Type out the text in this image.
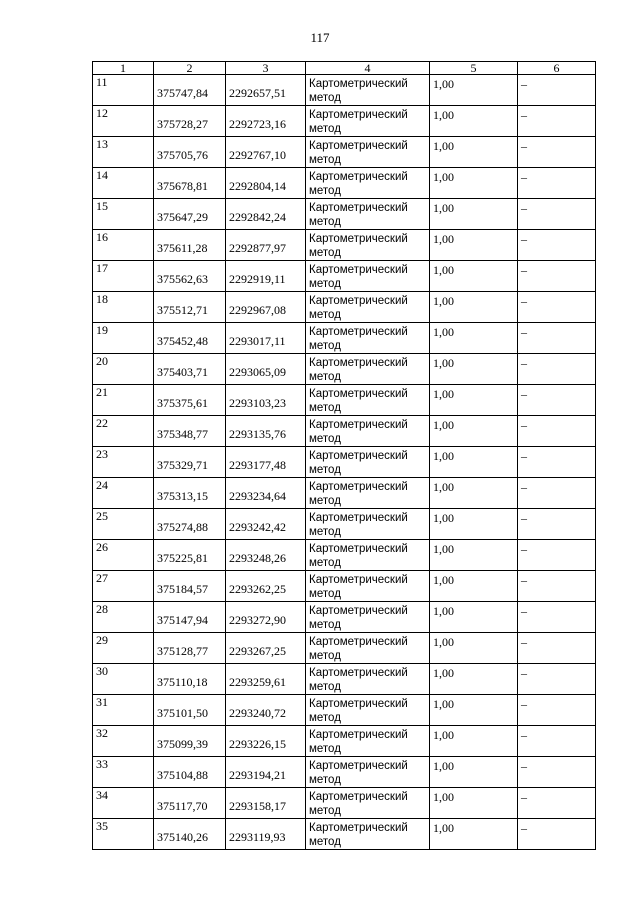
117
1	2	3	4	5	6
11	375747,84	2292657,51	Картометрический метод	1,00	–
12	375728,27	2292723,16	Картометрический метод	1,00	–
13	375705,76	2292767,10	Картометрический метод	1,00	–
14	375678,81	2292804,14	Картометрический метод	1,00	–
15	375647,29	2292842,24	Картометрический метод	1,00	–
16	375611,28	2292877,97	Картометрический метод	1,00	–
17	375562,63	2292919,11	Картометрический метод	1,00	–
18	375512,71	2292967,08	Картометрический метод	1,00	–
19	375452,48	2293017,11	Картометрический метод	1,00	–
20	375403,71	2293065,09	Картометрический метод	1,00	–
21	375375,61	2293103,23	Картометрический метод	1,00	–
22	375348,77	2293135,76	Картометрический метод	1,00	–
23	375329,71	2293177,48	Картометрический метод	1,00	–
24	375313,15	2293234,64	Картометрический метод	1,00	–
25	375274,88	2293242,42	Картометрический метод	1,00	–
26	375225,81	2293248,26	Картометрический метод	1,00	–
27	375184,57	2293262,25	Картометрический метод	1,00	–
28	375147,94	2293272,90	Картометрический метод	1,00	–
29	375128,77	2293267,25	Картометрический метод	1,00	–
30	375110,18	2293259,61	Картометрический метод	1,00	–
31	375101,50	2293240,72	Картометрический метод	1,00	–
32	375099,39	2293226,15	Картометрический метод	1,00	–
33	375104,88	2293194,21	Картометрический метод	1,00	–
34	375117,70	2293158,17	Картометрический метод	1,00	–
35	375140,26	2293119,93	Картометрический метод	1,00	–
